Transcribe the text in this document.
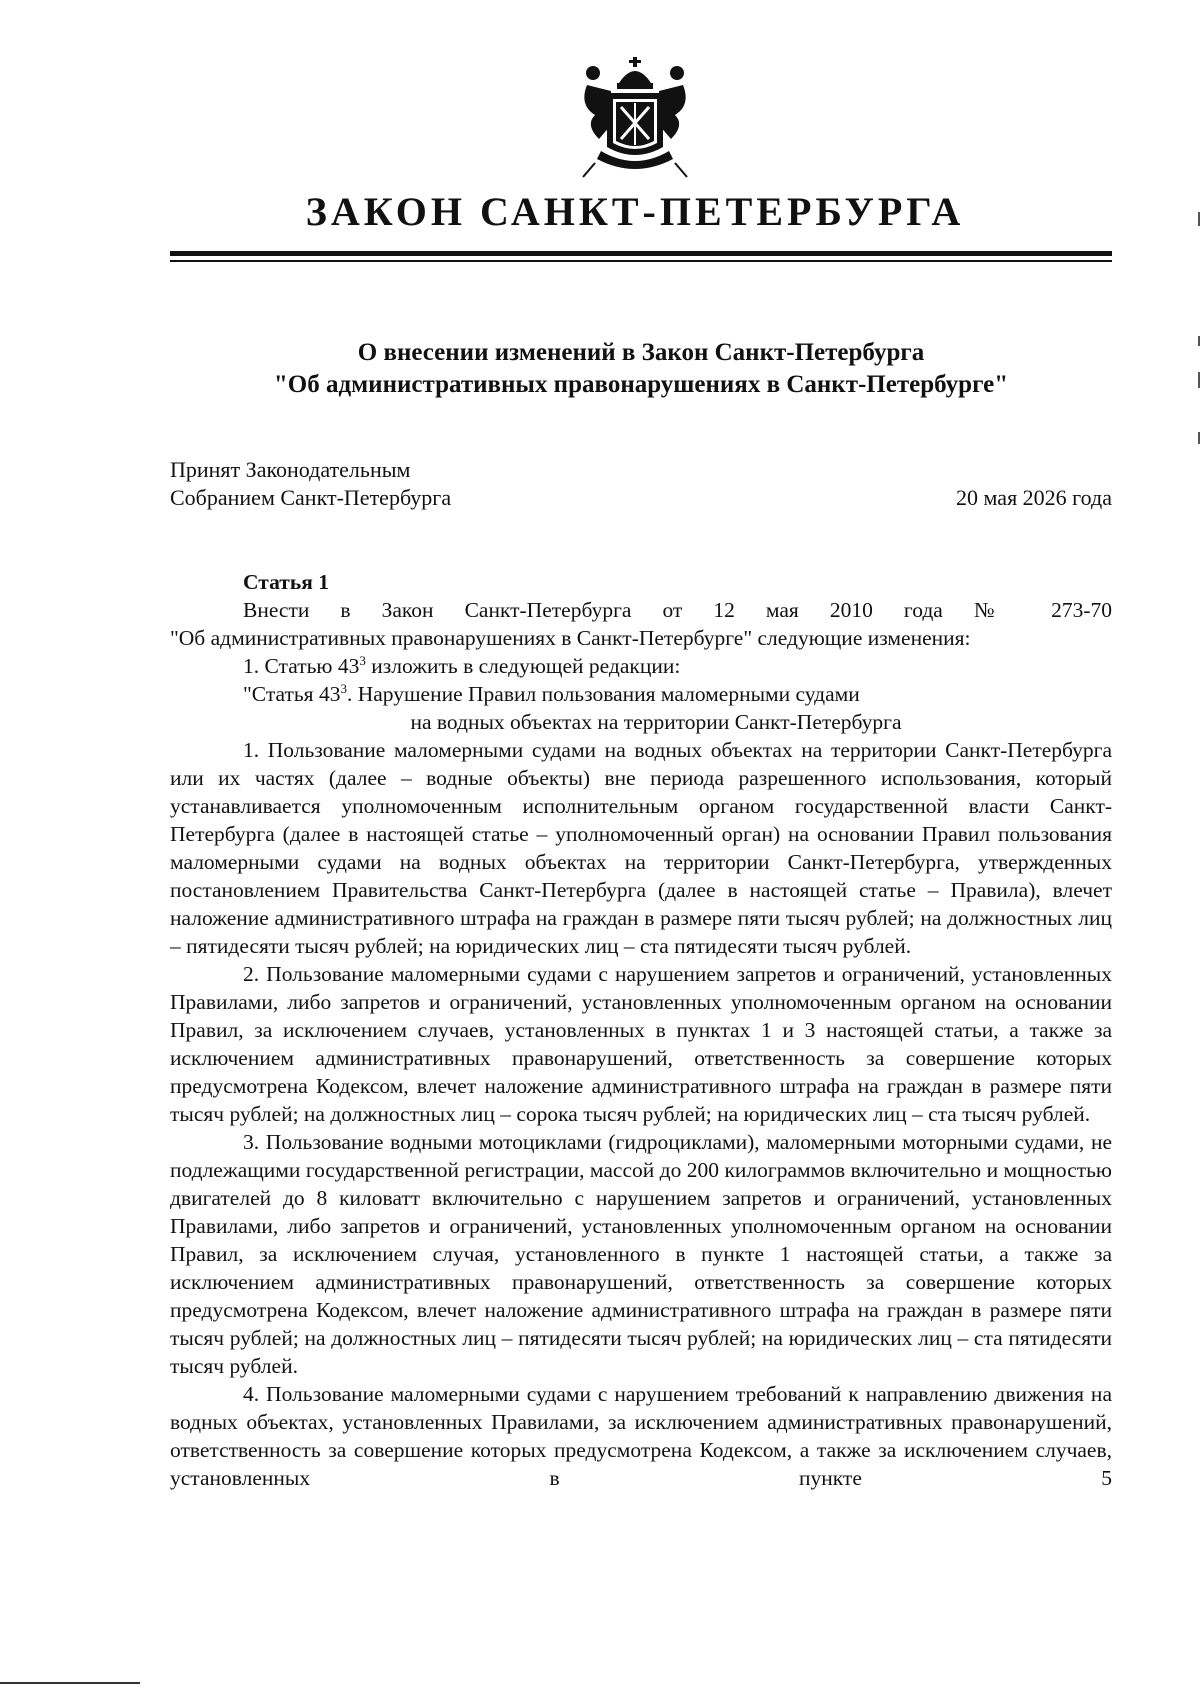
ЗАКОН САНКТ-ПЕТЕРБУРГА
О внесении изменений в Закон Санкт-Петербурга
"Об административных правонарушениях в Санкт-Петербурге"
Принят Законодательным
Собранием Санкт-Петербурга	20 мая 2026 года

Статья 1

Внести в Закон Санкт-Петербурга от 12 мая 2010 года № 273-70

"Об административных правонарушениях в Санкт-Петербурге" следующие изменения:

1. Статью $43^3$ изложить в следующей редакции:

"Статья $43^3$. Нарушение Правил пользования маломерными судами

на водных объектах на территории Санкт-Петербурга

1. Пользование маломерными судами на водных объектах на территории Санкт-Петербурга или их частях (далее – водные объекты) вне периода разрешенного использования, который устанавливается уполномоченным исполнительным органом государственной власти Санкт-Петербурга (далее в настоящей статье – уполномоченный орган) на основании Правил пользования маломерными судами на водных объектах на территории Санкт-Петербурга, утвержденных постановлением Правительства Санкт-Петербурга (далее в настоящей статье – Правила), влечет наложение административного штрафа на граждан в размере пяти тысяч рублей; на должностных лиц – пятидесяти тысяч рублей; на юридических лиц – ста пятидесяти тысяч рублей.

2. Пользование маломерными судами с нарушением запретов и ограничений, установленных Правилами, либо запретов и ограничений, установленных уполномоченным органом на основании Правил, за исключением случаев, установленных в пунктах 1 и 3 настоящей статьи, а также за исключением административных правонарушений, ответственность за совершение которых предусмотрена Кодексом, влечет наложение административного штрафа на граждан в размере пяти тысяч рублей; на должностных лиц – сорока тысяч рублей; на юридических лиц – ста тысяч рублей.

3. Пользование водными мотоциклами (гидроциклами), маломерными моторными судами, не подлежащими государственной регистрации, массой до 200 килограммов включительно и мощностью двигателей до 8 киловатт включительно с нарушением запретов и ограничений, установленных Правилами, либо запретов и ограничений, установленных уполномоченным органом на основании Правил, за исключением случая, установленного в пункте 1 настоящей статьи, а также за исключением административных правонарушений, ответственность за совершение которых предусмотрена Кодексом, влечет наложение административного штрафа на граждан в размере пяти тысяч рублей; на должностных лиц – пятидесяти тысяч рублей; на юридических лиц – ста пятидесяти тысяч рублей.

4. Пользование маломерными судами с нарушением требований к направлению движения на водных объектах, установленных Правилами, за исключением административных правонарушений, ответственность за совершение которых предусмотрена Кодексом, а также за исключением случаев, установленных в пункте 5
